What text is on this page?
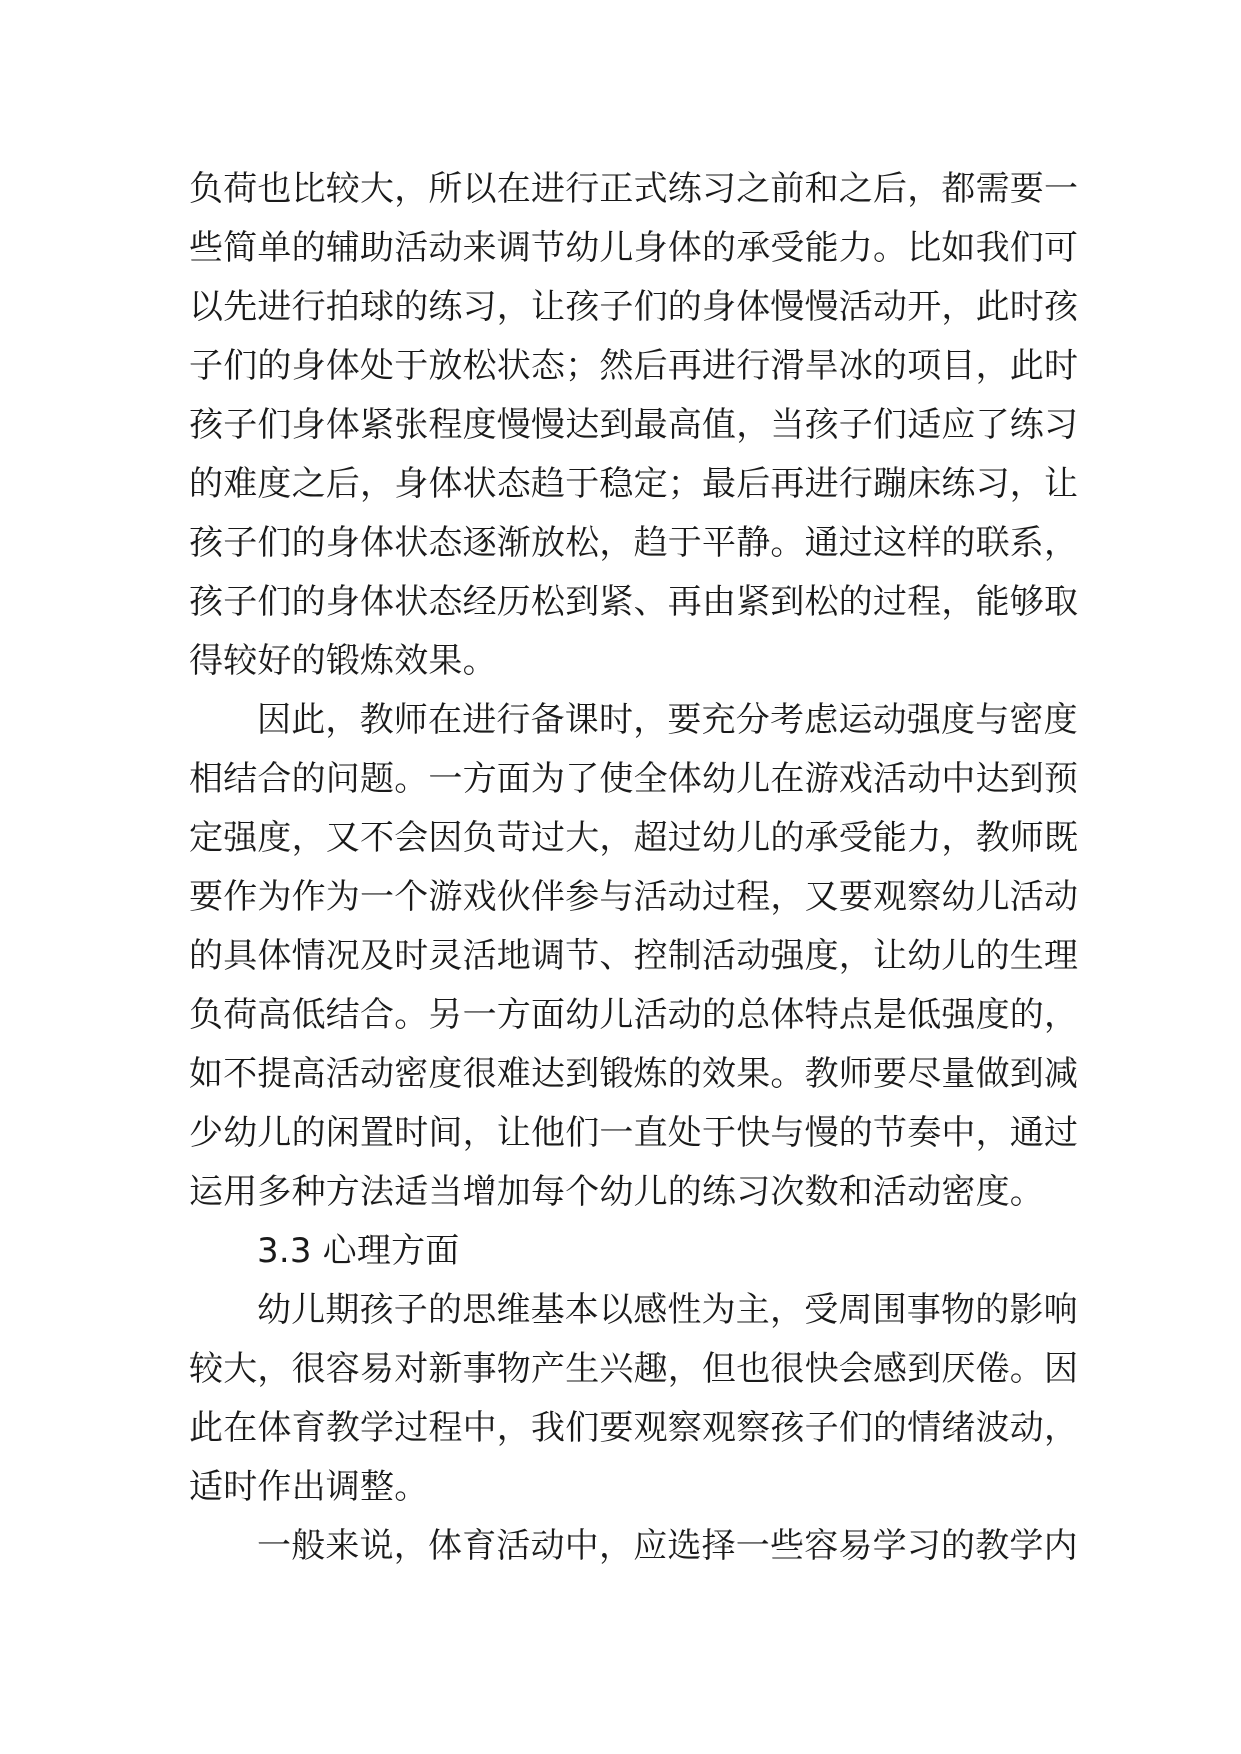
负荷也比较大，所以在进行正式练习之前和之后，都需要一
些简单的辅助活动来调节幼儿身体的承受能力。比如我们可
以先进行拍球的练习，让孩子们的身体慢慢活动开，此时孩
子们的身体处于放松状态；然后再进行滑旱冰的项目，此时
孩子们身体紧张程度慢慢达到最高值，当孩子们适应了练习
的难度之后，身体状态趋于稳定；最后再进行蹦床练习，让
孩子们的身体状态逐渐放松，趋于平静。通过这样的联系，
孩子们的身体状态经历松到紧、再由紧到松的过程，能够取
得较好的锻炼效果。
因此，教师在进行备课时，要充分考虑运动强度与密度
相结合的问题。一方面为了使全体幼儿在游戏活动中达到预
定强度，又不会因负苛过大，超过幼儿的承受能力，教师既
要作为作为一个游戏伙伴参与活动过程，又要观察幼儿活动
的具体情况及时灵活地调节、控制活动强度，让幼儿的生理
负荷高低结合。另一方面幼儿活动的总体特点是低强度的，
如不提高活动密度很难达到锻炼的效果。教师要尽量做到减
少幼儿的闲置时间，让他们一直处于快与慢的节奏中，通过
运用多种方法适当增加每个幼儿的练习次数和活动密度。
3.3 心理方面
幼儿期孩子的思维基本以感性为主，受周围事物的影响
较大，很容易对新事物产生兴趣，但也很快会感到厌倦。因
此在体育教学过程中，我们要观察观察孩子们的情绪波动，
适时作出调整。
一般来说，体育活动中，应选择一些容易学习的教学内
